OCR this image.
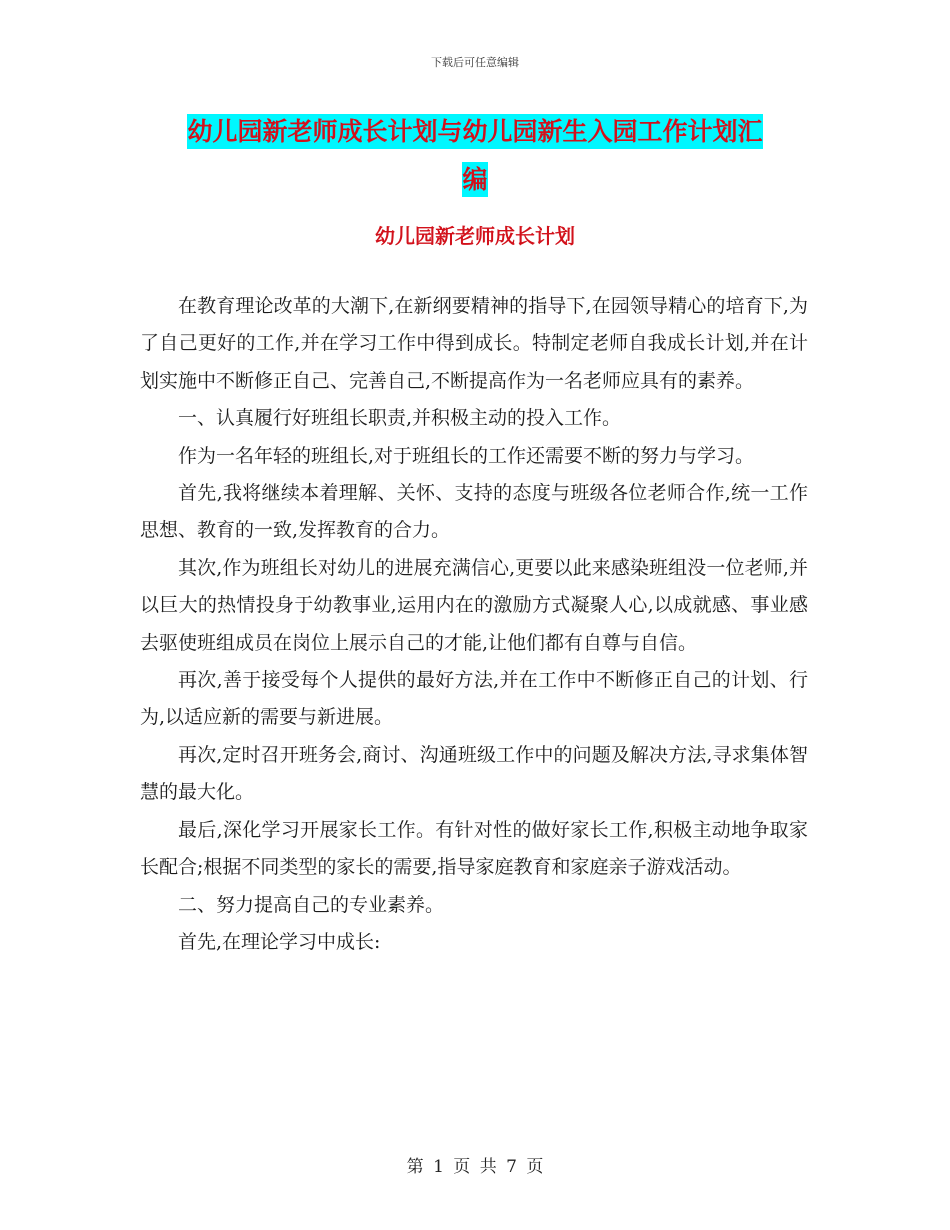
下载后可任意编辑
幼儿园新老师成长计划与幼儿园新生入园工作计划汇
编
幼儿园新老师成长计划

在教育理论改革的大潮下,在新纲要精神的指导下,在园领导精心的培育下,为了自己更好的工作,并在学习工作中得到成长。特制定老师自我成长计划,并在计划实施中不断修正自己、完善自己,不断提高作为一名老师应具有的素养。

一、认真履行好班组长职责,并积极主动的投入工作。

作为一名年轻的班组长,对于班组长的工作还需要不断的努力与学习。

首先,我将继续本着理解、关怀、支持的态度与班级各位老师合作,统一工作思想、教育的一致,发挥教育的合力。

其次,作为班组长对幼儿的进展充满信心,更要以此来感染班组没一位老师,并以巨大的热情投身于幼教事业,运用内在的激励方式凝聚人心,以成就感、事业感去驱使班组成员在岗位上展示自己的才能,让他们都有自尊与自信。

再次,善于接受每个人提供的最好方法,并在工作中不断修正自己的计划、行为,以适应新的需要与新进展。

再次,定时召开班务会,商讨、沟通班级工作中的问题及解决方法,寻求集体智慧的最大化。

最后,深化学习开展家长工作。有针对性的做好家长工作,积极主动地争取家长配合;根据不同类型的家长的需要,指导家庭教育和家庭亲子游戏活动。

二、努力提高自己的专业素养。

首先,在理论学习中成长:

第 1 页 共 7 页
